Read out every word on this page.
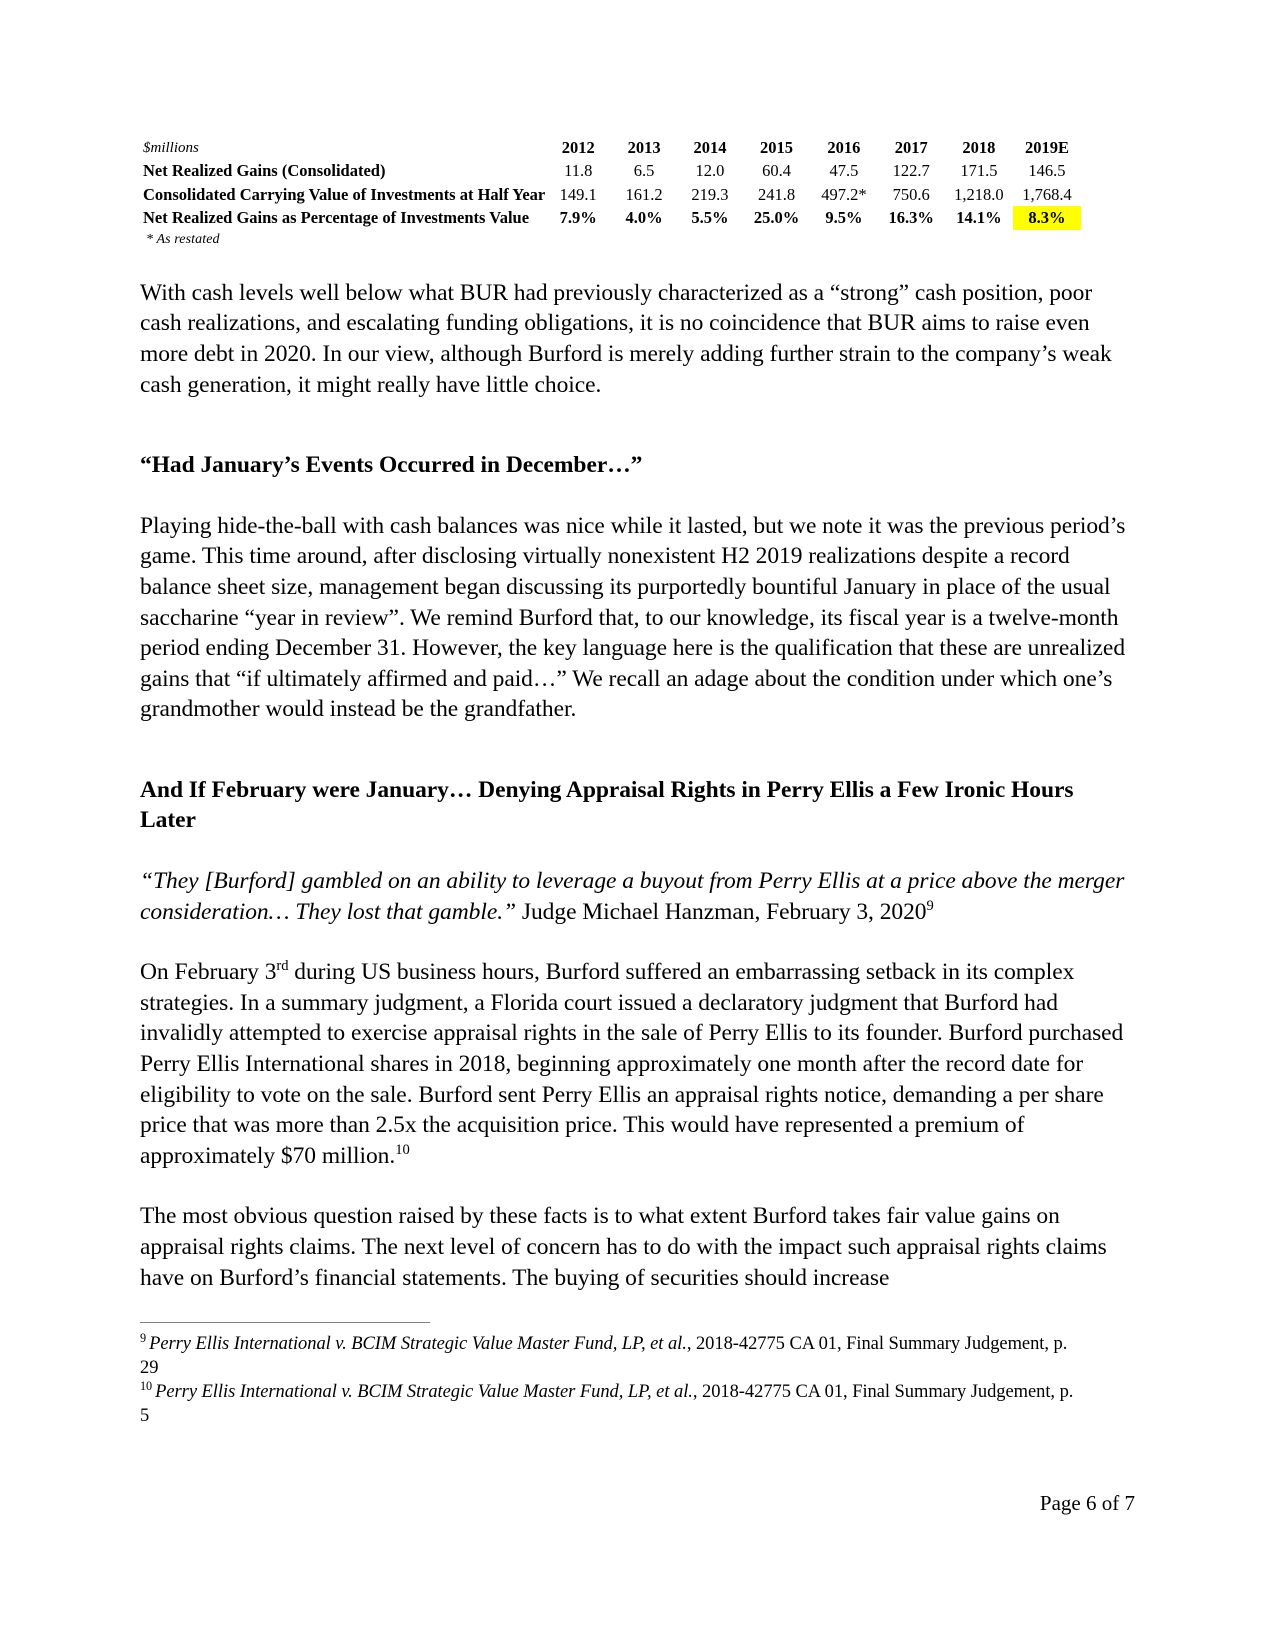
$millions	2012	2013	2014	2015	2016	2017	2018	2019E
Net Realized Gains (Consolidated)	11.8	6.5	12.0	60.4	47.5	122.7	171.5	146.5
Consolidated Carrying Value of Investments at Half Year	149.1	161.2	219.3	241.8	497.2*	750.6	1,218.0	1,768.4
Net Realized Gains as Percentage of Investments Value	7.9%	4.0%	5.5%	25.0%	9.5%	16.3%	14.1%	8.3%
* As restated

With cash levels well below what BUR had previously characterized as a “strong” cash position, poor cash realizations, and escalating funding obligations, it is no coincidence that BUR aims to raise even more debt in 2020. In our view, although Burford is merely adding further strain to the company’s weak cash generation, it might really have little choice.

“Had January’s Events Occurred in December…”

Playing hide-the-ball with cash balances was nice while it lasted, but we note it was the previous period’s game. This time around, after disclosing virtually nonexistent H2 2019 realizations despite a record balance sheet size, management began discussing its purportedly bountiful January in place of the usual saccharine “year in review”. We remind Burford that, to our knowledge, its fiscal year is a twelve-month period ending December 31. However, the key language here is the qualification that these are unrealized gains that “if ultimately affirmed and paid…” We recall an adage about the condition under which one’s grandmother would instead be the grandfather.

And If February were January… Denying Appraisal Rights in Perry Ellis a Few Ironic Hours Later

“They [Burford] gambled on an ability to leverage a buyout from Perry Ellis at a price above the merger consideration… They lost that gamble.” Judge Michael Hanzman, February 3, 2020$^9$

On February 3rd during US business hours, Burford suffered an embarrassing setback in its complex strategies. In a summary judgment, a Florida court issued a declaratory judgment that Burford had invalidly attempted to exercise appraisal rights in the sale of Perry Ellis to its founder. Burford purchased Perry Ellis International shares in 2018, beginning approximately one month after the record date for eligibility to vote on the sale. Burford sent Perry Ellis an appraisal rights notice, demanding a per share price that was more than 2.5x the acquisition price. This would have represented a premium of approximately $70 million.$^{10}$

The most obvious question raised by these facts is to what extent Burford takes fair value gains on appraisal rights claims. The next level of concern has to do with the impact such appraisal rights claims have on Burford’s financial statements. The buying of securities should increase

$^9$ Perry Ellis International v. BCIM Strategic Value Master Fund, LP, et al., 2018-42775 CA 01, Final Summary Judgement, p. 29

$^{10}$ Perry Ellis International v. BCIM Strategic Value Master Fund, LP, et al., 2018-42775 CA 01, Final Summary Judgement, p. 5

Page 6 of 7
